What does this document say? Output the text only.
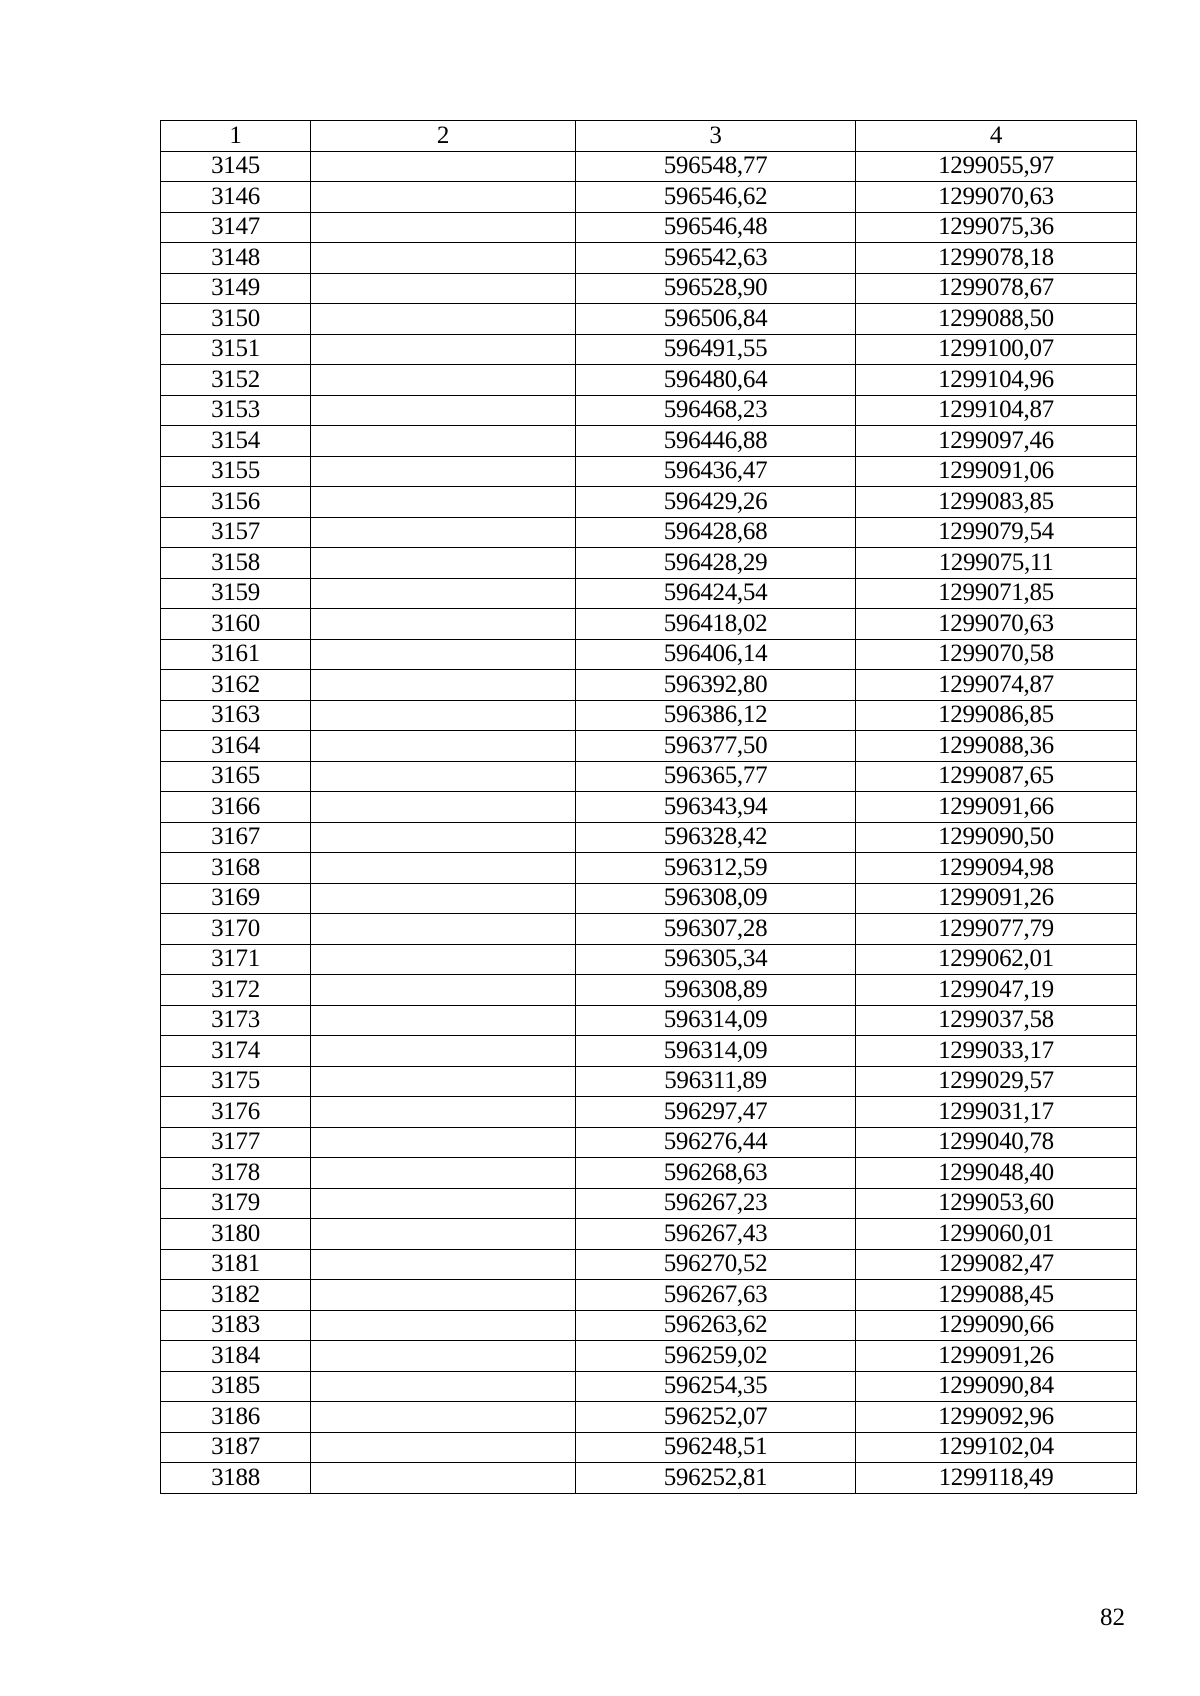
1	2	3	4
3145		596548,77	1299055,97
3146		596546,62	1299070,63
3147		596546,48	1299075,36
3148		596542,63	1299078,18
3149		596528,90	1299078,67
3150		596506,84	1299088,50
3151		596491,55	1299100,07
3152		596480,64	1299104,96
3153		596468,23	1299104,87
3154		596446,88	1299097,46
3155		596436,47	1299091,06
3156		596429,26	1299083,85
3157		596428,68	1299079,54
3158		596428,29	1299075,11
3159		596424,54	1299071,85
3160		596418,02	1299070,63
3161		596406,14	1299070,58
3162		596392,80	1299074,87
3163		596386,12	1299086,85
3164		596377,50	1299088,36
3165		596365,77	1299087,65
3166		596343,94	1299091,66
3167		596328,42	1299090,50
3168		596312,59	1299094,98
3169		596308,09	1299091,26
3170		596307,28	1299077,79
3171		596305,34	1299062,01
3172		596308,89	1299047,19
3173		596314,09	1299037,58
3174		596314,09	1299033,17
3175		596311,89	1299029,57
3176		596297,47	1299031,17
3177		596276,44	1299040,78
3178		596268,63	1299048,40
3179		596267,23	1299053,60
3180		596267,43	1299060,01
3181		596270,52	1299082,47
3182		596267,63	1299088,45
3183		596263,62	1299090,66
3184		596259,02	1299091,26
3185		596254,35	1299090,84
3186		596252,07	1299092,96
3187		596248,51	1299102,04
3188		596252,81	1299118,49
82
